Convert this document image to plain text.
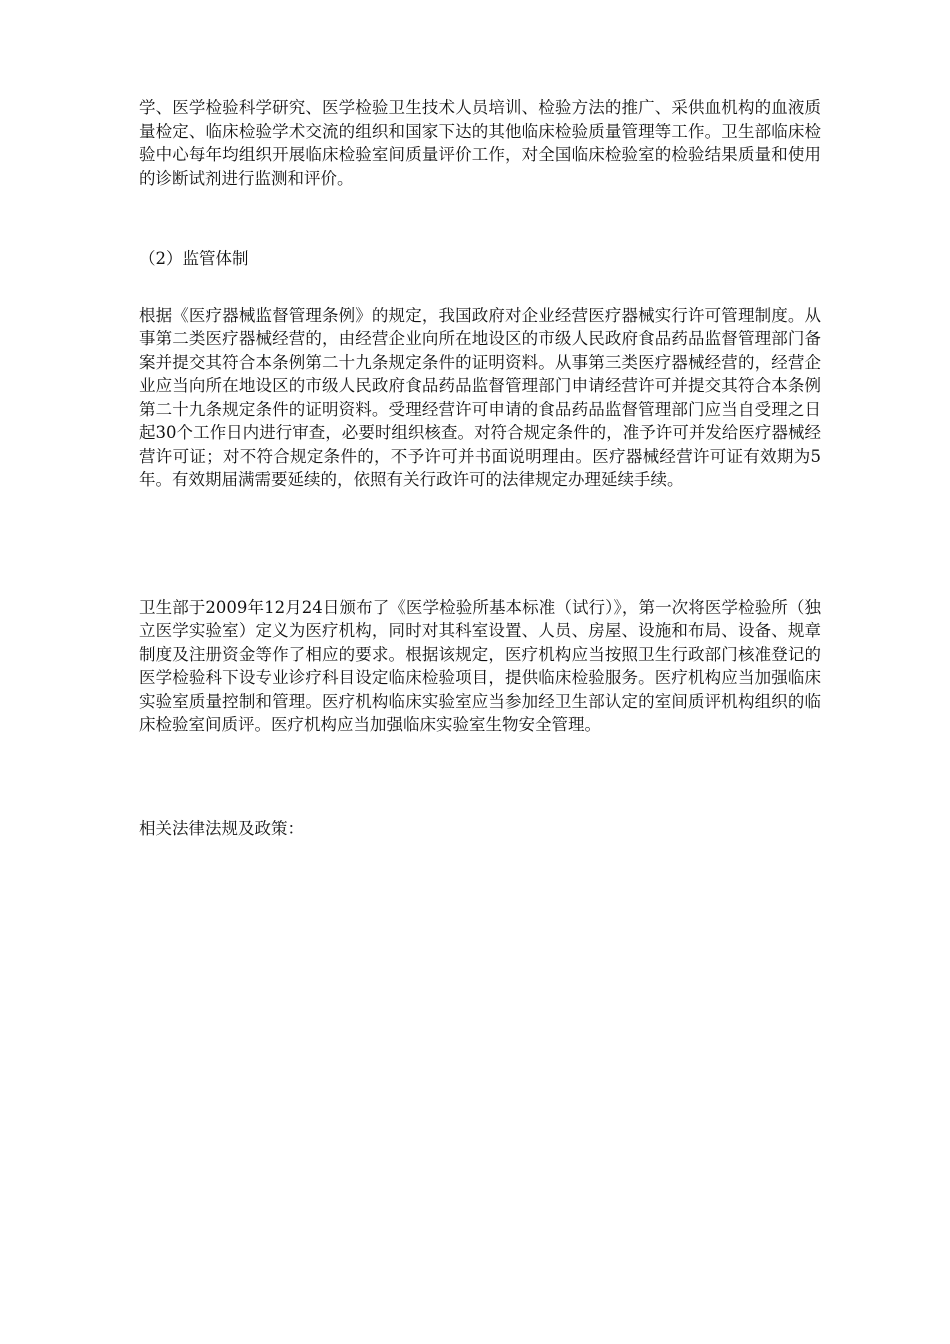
学、医学检验科学研究、医学检验卫生技术人员培训、检验方法的推广、采供血机构的血液质量检定、临床检验学术交流的组织和国家下达的其他临床检验质量管理等工作。卫生部临床检验中心每年均组织开展临床检验室间质量评价工作，对全国临床检验室的检验结果质量和使用的诊断试剂进行监测和评价。

（2）监管体制

根据《医疗器械监督管理条例》的规定，我国政府对企业经营医疗器械实行许可管理制度。从事第二类医疗器械经营的，由经营企业向所在地设区的市级人民政府食品药品监督管理部门备案并提交其符合本条例第二十九条规定条件的证明资料。从事第三类医疗器械经营的，经营企业应当向所在地设区的市级人民政府食品药品监督管理部门申请经营许可并提交其符合本条例第二十九条规定条件的证明资料。受理经营许可申请的食品药品监督管理部门应当自受理之日起30个工作日内进行审查，必要时组织核查。对符合规定条件的，准予许可并发给医疗器械经营许可证；对不符合规定条件的，不予许可并书面说明理由。医疗器械经营许可证有效期为5年。有效期届满需要延续的，依照有关行政许可的法律规定办理延续手续。

卫生部于2009年12月24日颁布了《医学检验所基本标准（试行）》，第一次将医学检验所（独立医学实验室）定义为医疗机构，同时对其科室设置、人员、房屋、设施和布局、设备、规章制度及注册资金等作了相应的要求。根据该规定，医疗机构应当按照卫生行政部门核准登记的医学检验科下设专业诊疗科目设定临床检验项目，提供临床检验服务。医疗机构应当加强临床实验室质量控制和管理。医疗机构临床实验室应当参加经卫生部认定的室间质评机构组织的临床检验室间质评。医疗机构应当加强临床实验室生物安全管理。

相关法律法规及政策：
